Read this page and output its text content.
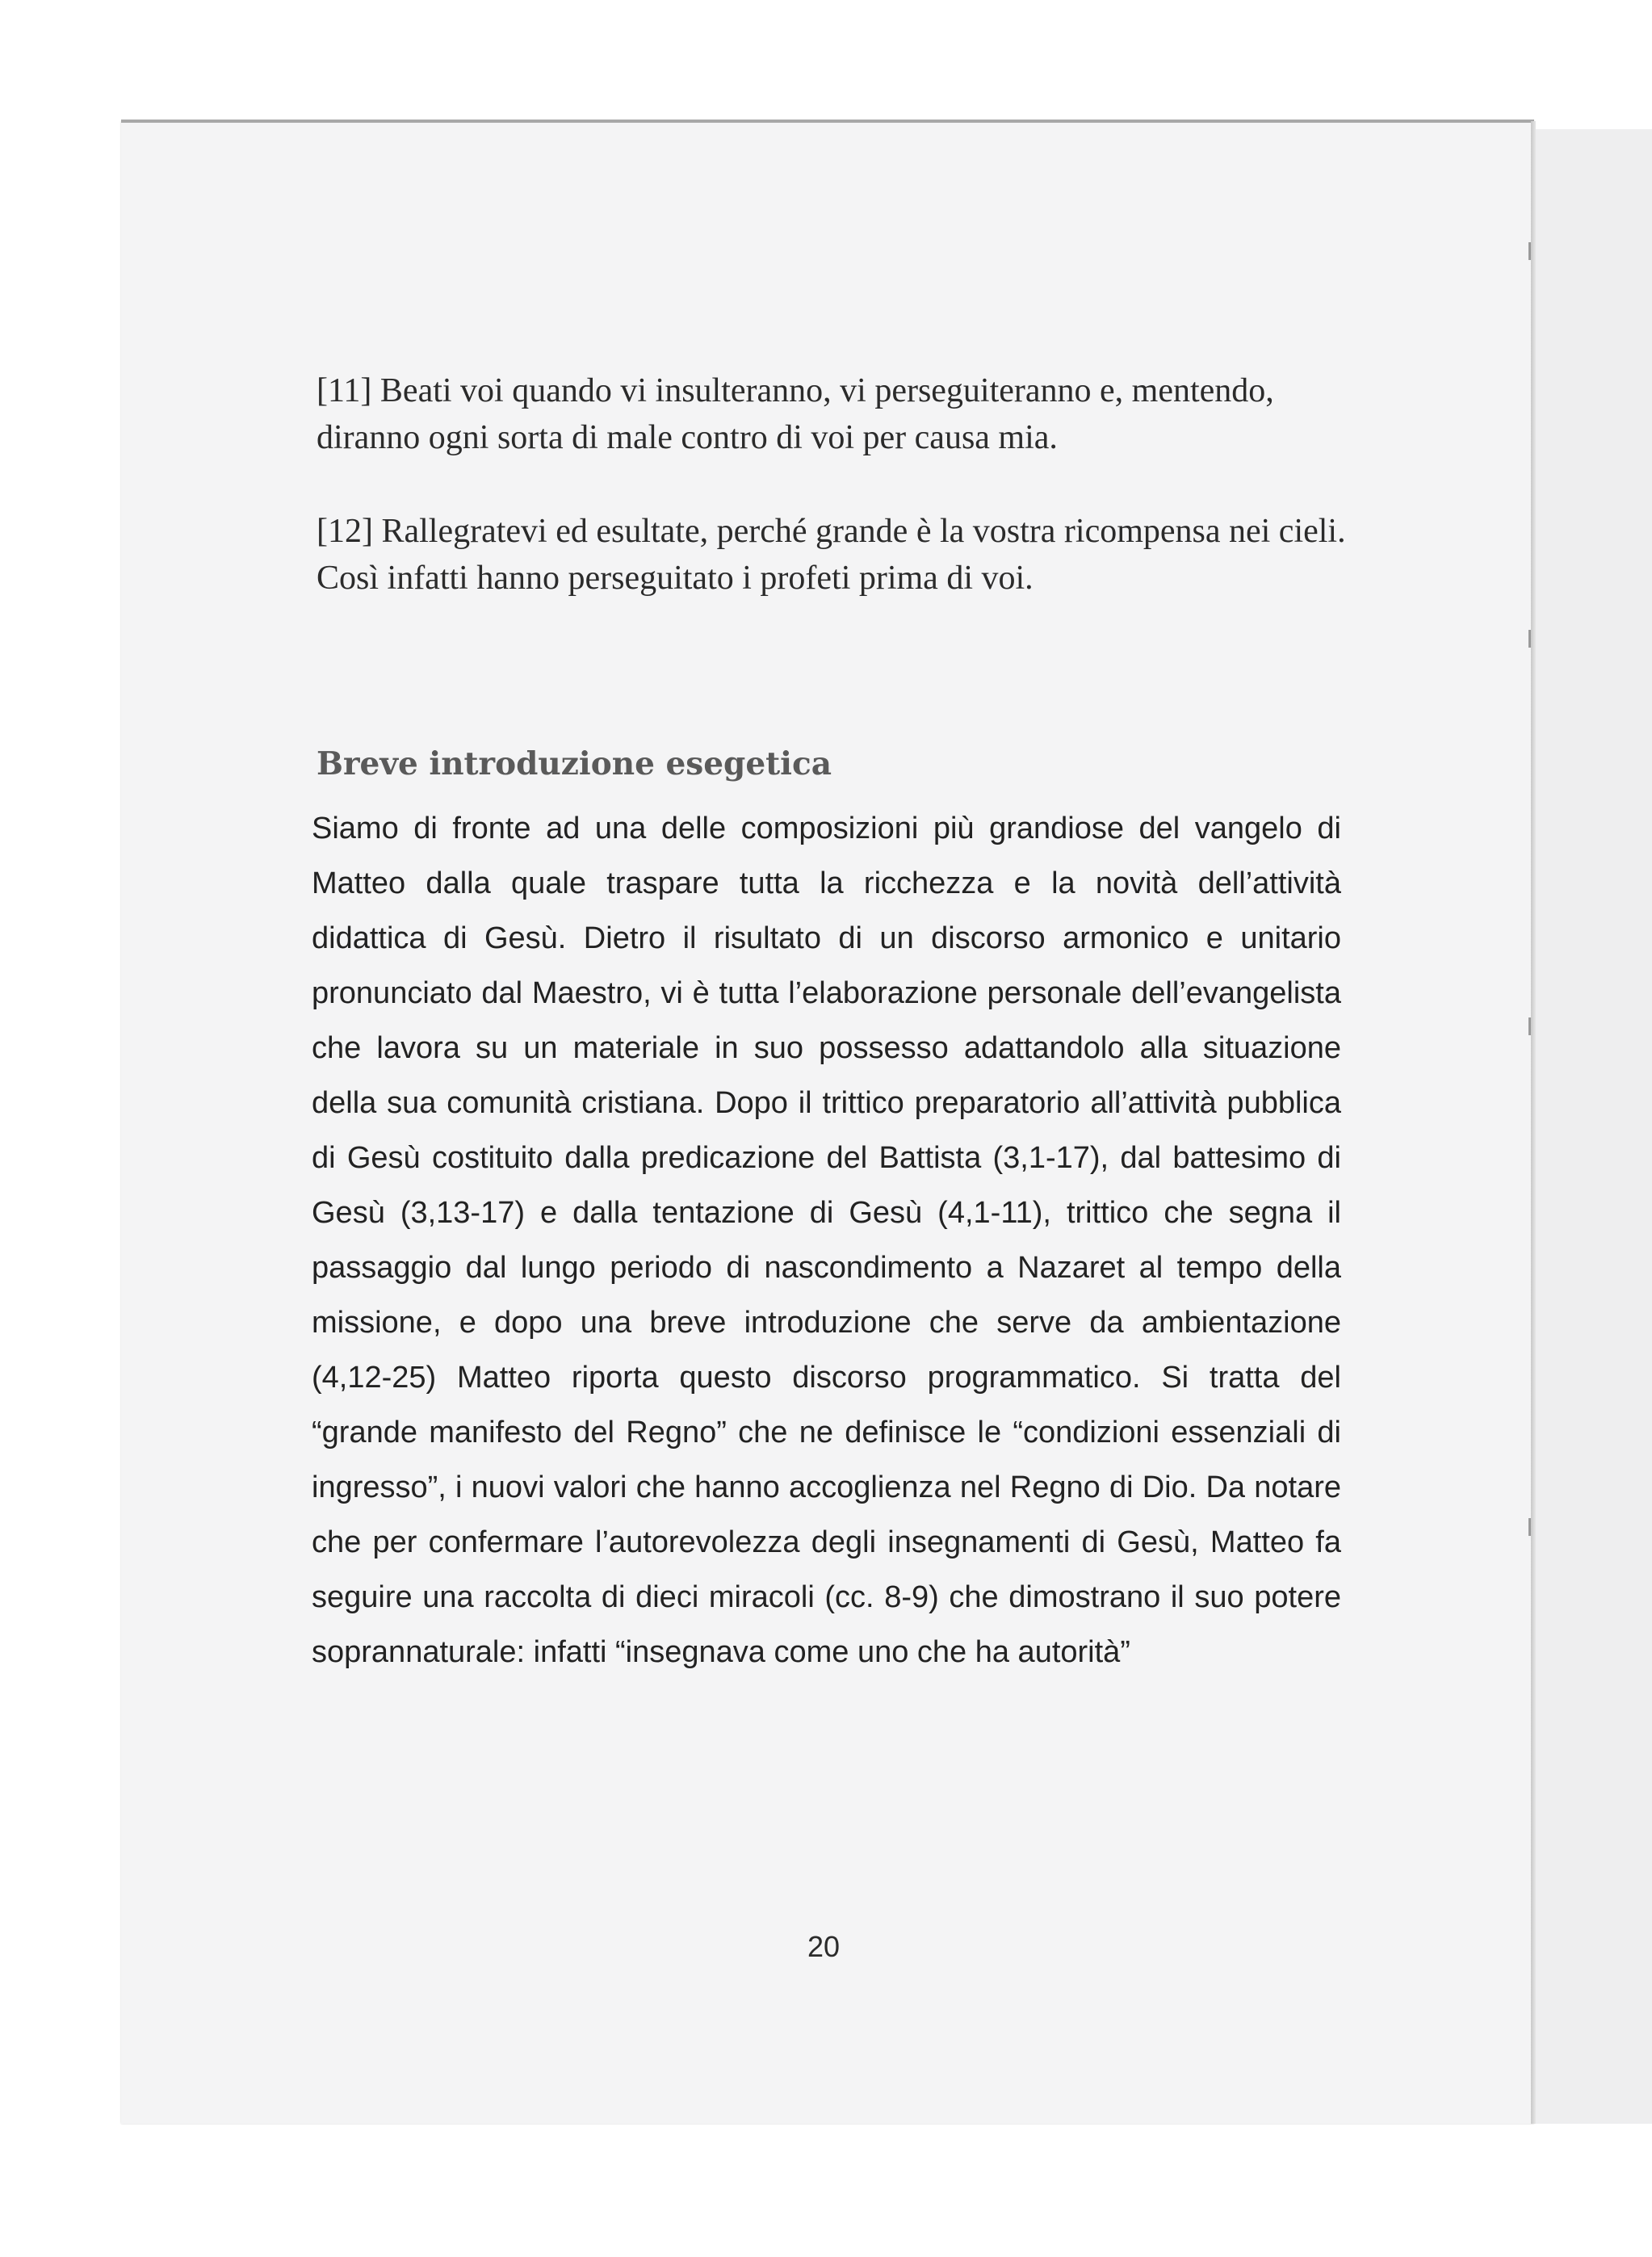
[11] Beati voi quando vi insulteranno, vi perseguiteranno e, mentendo, diranno ogni sorta di male contro di voi per causa mia.

[12] Rallegratevi ed esultate, perché grande è la vostra ricompensa nei cieli. Così infatti hanno perseguitato i profeti prima di voi.

Breve introduzione esegetica

Siamo di fronte ad una delle composizioni più grandiose del vangelo di Matteo dalla quale traspare tutta la ricchezza e la novità dell’attività didattica di Gesù. Dietro il risultato di un discorso armonico e unitario pronunciato dal Maestro, vi è tutta l’elaborazione personale dell’evangelista che lavora su un materiale in suo possesso adattandolo alla situazione della sua comunità cristiana. Dopo il trittico preparatorio all’attività pubblica di Gesù costituito dalla predicazione del Battista (3,1-17), dal battesimo di Gesù (3,13-17) e dalla tentazione di Gesù (4,1-11), trittico che segna il passaggio dal lungo periodo di nascondimento a Nazaret al tempo della missione, e dopo una breve introduzione che serve da ambientazione (4,12-25) Matteo riporta questo discorso programmatico. Si tratta del “grande manifesto del Regno” che ne definisce le “condizioni essenziali di ingresso”, i nuovi valori che hanno accoglienza nel Regno di Dio. Da notare che per confermare l’autorevolezza degli insegnamenti di Gesù, Matteo fa seguire una raccolta di dieci miracoli (cc. 8-9) che dimostrano il suo potere soprannaturale: infatti “insegnava come uno che ha autorità”

20
